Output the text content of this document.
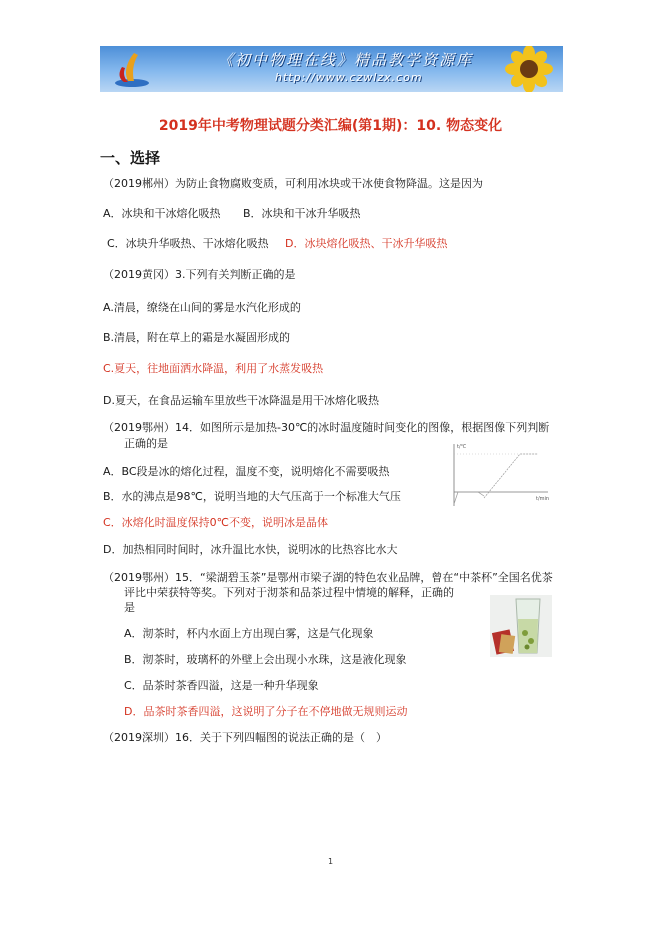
《初中物理在线》精品教学资源库
http://www.czwlzx.com
2019年中考物理试题分类汇编(第1期)：10. 物态变化
一、选择
（2019郴州）为防止食物腐败变质，可利用冰块或干冰使食物降温。这是因为
A．冰块和干冰熔化吸热 B．冰块和干冰升华吸热
C．冰块升华吸热、干冰熔化吸热 D．冰块熔化吸热、干冰升华吸热
（2019黄冈）3.下列有关判断正确的是
A.清晨，缭绕在山间的雾是水汽化形成的
B.清晨，附在草上的霜是水凝固形成的
C.夏天，往地面洒水降温，利用了水蒸发吸热
D.夏天，在食品运输车里放些干冰降温是用干冰熔化吸热
（2019鄂州）14．如图所示是加热-30℃的冰时温度随时间变化的图像，根据图像下列判断
正确的是
A．BC段是冰的熔化过程，温度不变，说明熔化不需要吸热
B．水的沸点是98℃，说明当地的大气压高于一个标准大气压
C．冰熔化时温度保持0℃不变，说明冰是晶体
D．加热相同时间时，冰升温比水快，说明冰的比热容比水大
t/℃
t/min
（2019鄂州）15．“梁湖碧玉茶”是鄂州市梁子湖的特色农业品牌，曾在“中茶杯”全国名优茶
评比中荣获特等奖。下列对于沏茶和品茶过程中情境的解释，正确的
是
A．沏茶时，杯内水面上方出现白雾，这是气化现象
B．沏茶时，玻璃杯的外壁上会出现小水珠，这是液化现象
C．品茶时茶香四溢，这是一种升华现象
D．品茶时茶香四溢，这说明了分子在不停地做无规则运动
（2019深圳）16．关于下列四幅图的说法正确的是（　）
1
